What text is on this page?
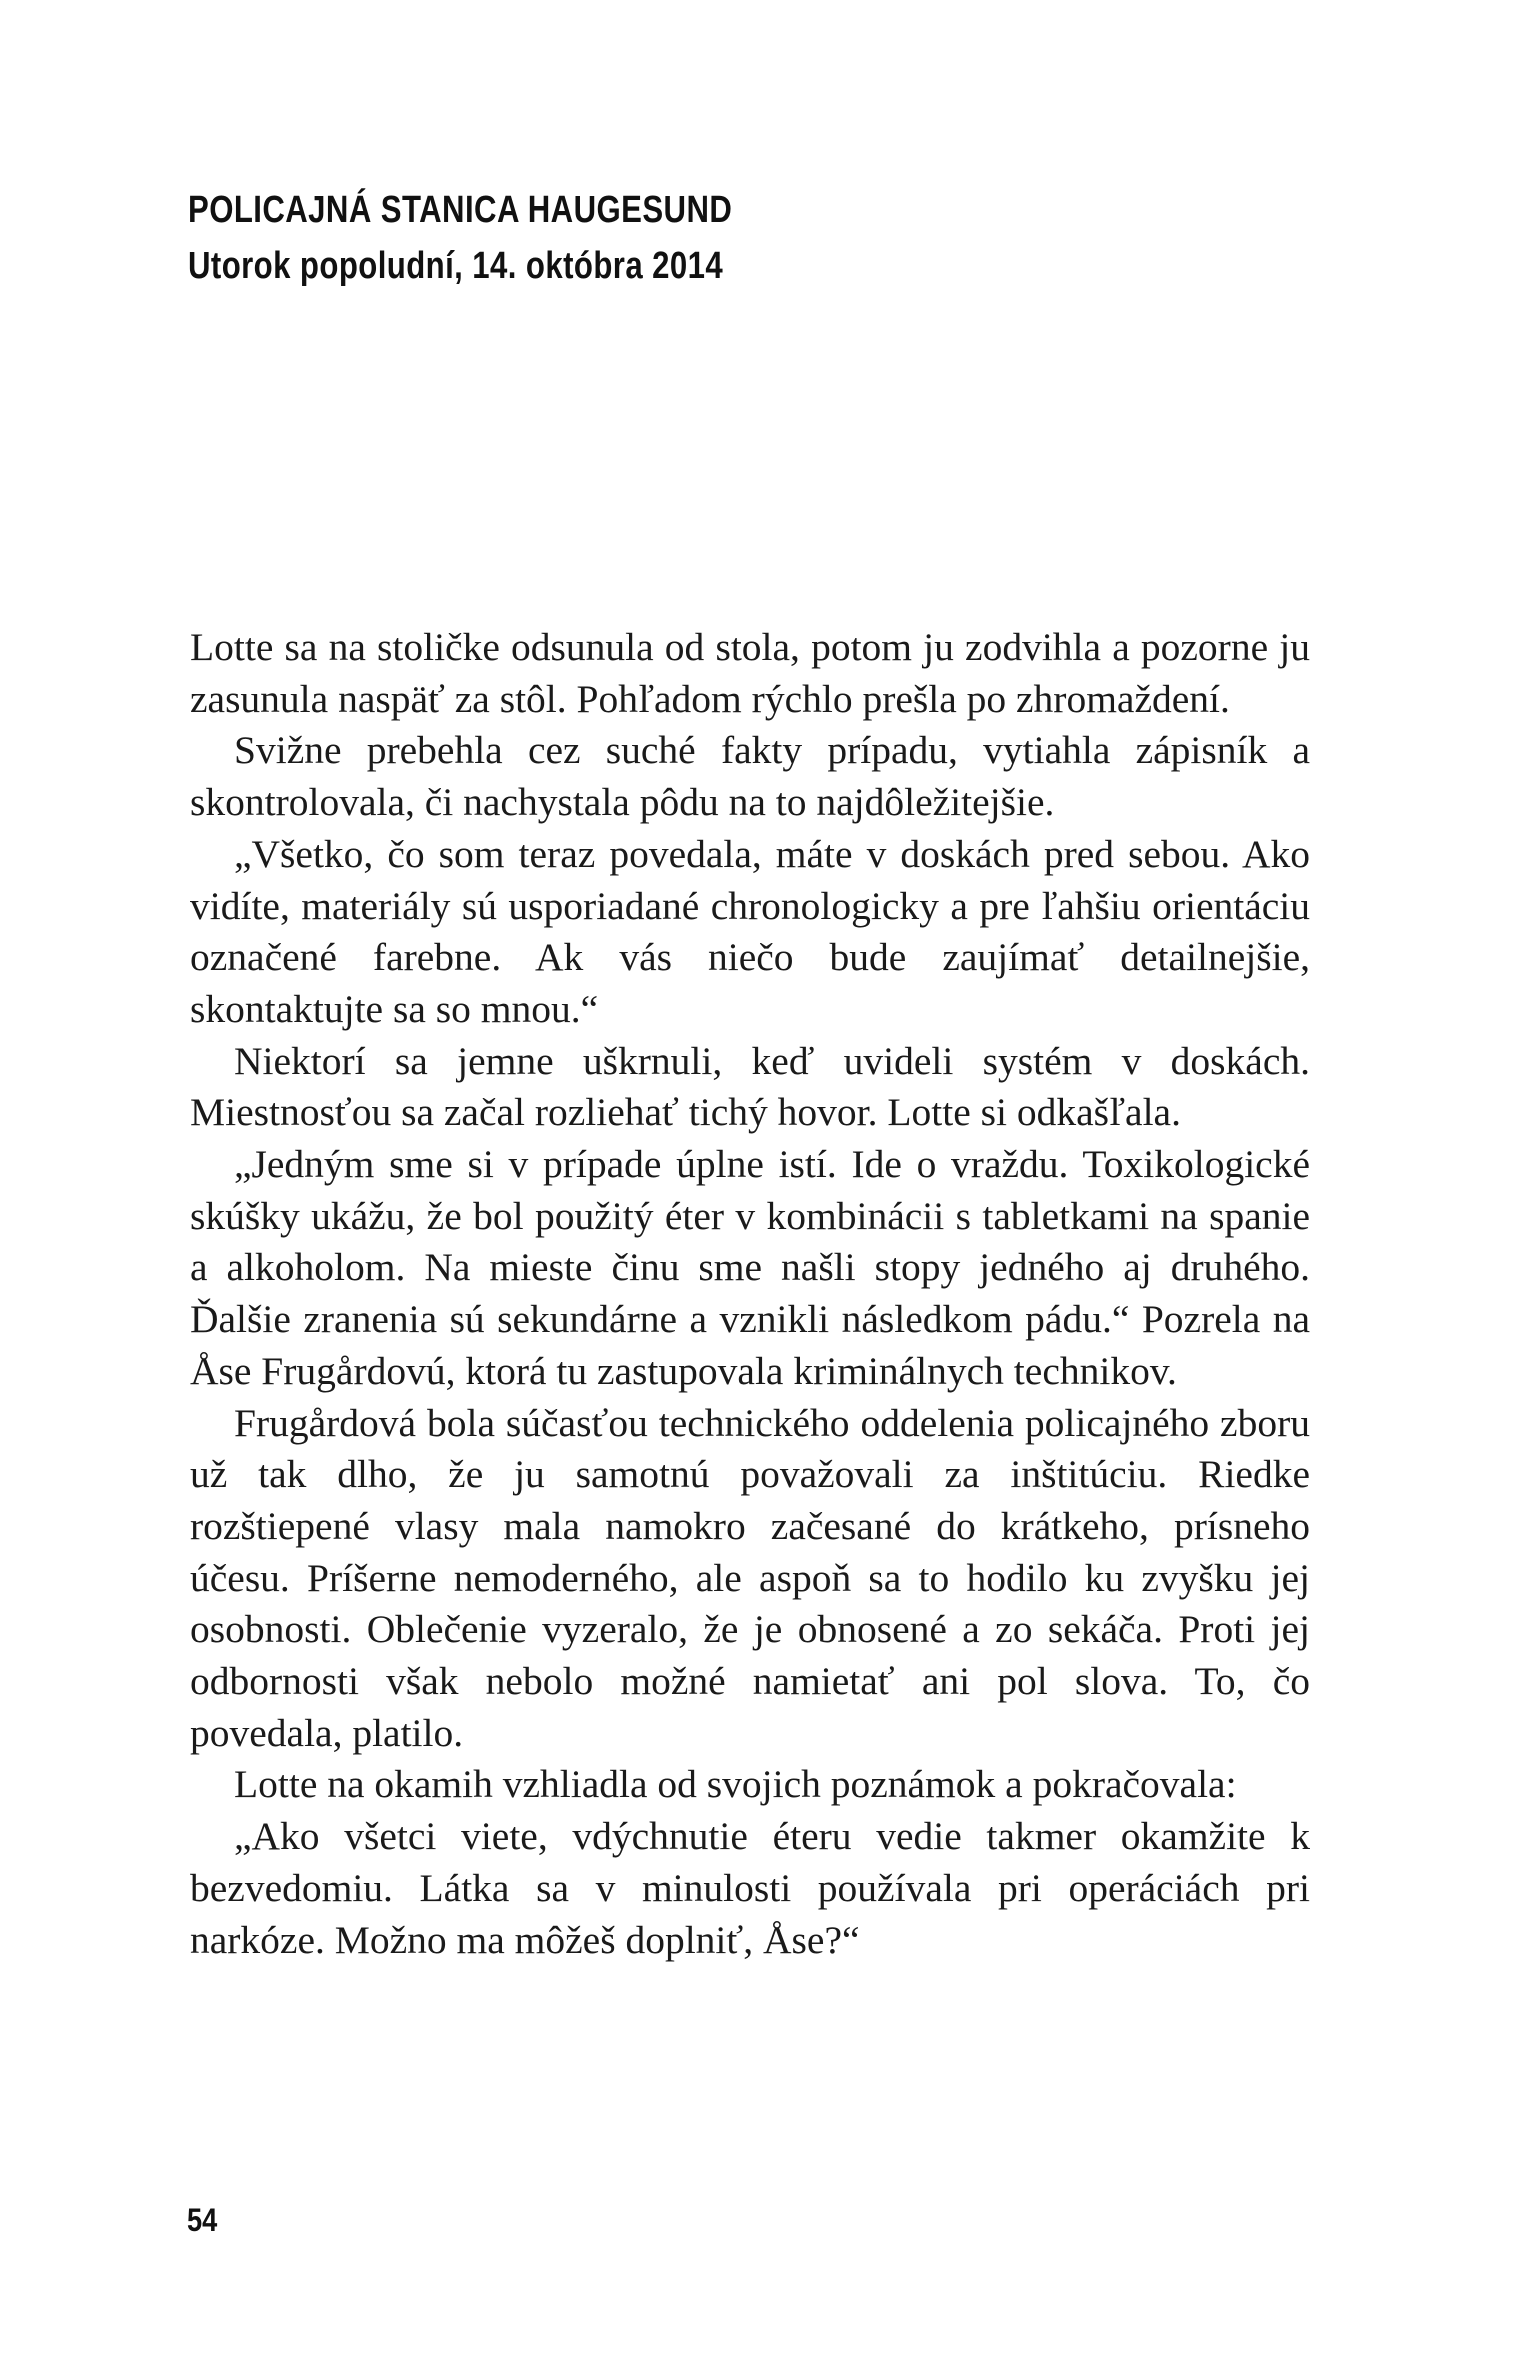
POLICAJNÁ STANICA HAUGESUND
Utorok popoludní, 14. októbra 2014

Lotte sa na stoličke odsunula od stola, potom ju zodvihla a pozorne ju zasunula naspäť za stôl. Pohľadom rýchlo prešla po zhromaždení.

Svižne prebehla cez suché fakty prípadu, vytiahla zápisník a skontrolovala, či nachystala pôdu na to najdôležitejšie.

„Všetko, čo som teraz povedala, máte v doskách pred sebou. Ako vidíte, materiály sú usporiadané chronologicky a pre ľahšiu orientáciu označené farebne. Ak vás niečo bude zaujímať detailnejšie, skontaktujte sa so mnou.“

Niektorí sa jemne uškrnuli, keď uvideli systém v doskách. Miestnosťou sa začal rozliehať tichý hovor. Lotte si odkašľala.

„Jedným sme si v prípade úplne istí. Ide o vraždu. Toxikologické skúšky ukážu, že bol použitý éter v kombinácii s tabletkami na spanie a alkoholom. Na mieste činu sme našli stopy jedného aj druhého. Ďalšie zranenia sú sekundárne a vznikli následkom pádu.“ Pozrela na Åse Frugårdovú, ktorá tu zastupovala kriminálnych technikov.

Frugårdová bola súčasťou technického oddelenia policajného zboru už tak dlho, že ju samotnú považovali za inštitúciu. Riedke rozštiepené vlasy mala namokro začesané do krátkeho, prísneho účesu. Príšerne nemoderného, ale aspoň sa to hodilo ku zvyšku jej osobnosti. Oblečenie vyzeralo, že je obnosené a zo sekáča. Proti jej odbornosti však nebolo možné namietať ani pol slova. To, čo povedala, platilo.

Lotte na okamih vzhliadla od svojich poznámok a pokračovala:

„Ako všetci viete, vdýchnutie éteru vedie takmer okamžite k bezvedomiu. Látka sa v minulosti používala pri operáciách pri narkóze. Možno ma môžeš doplniť, Åse?“

54
